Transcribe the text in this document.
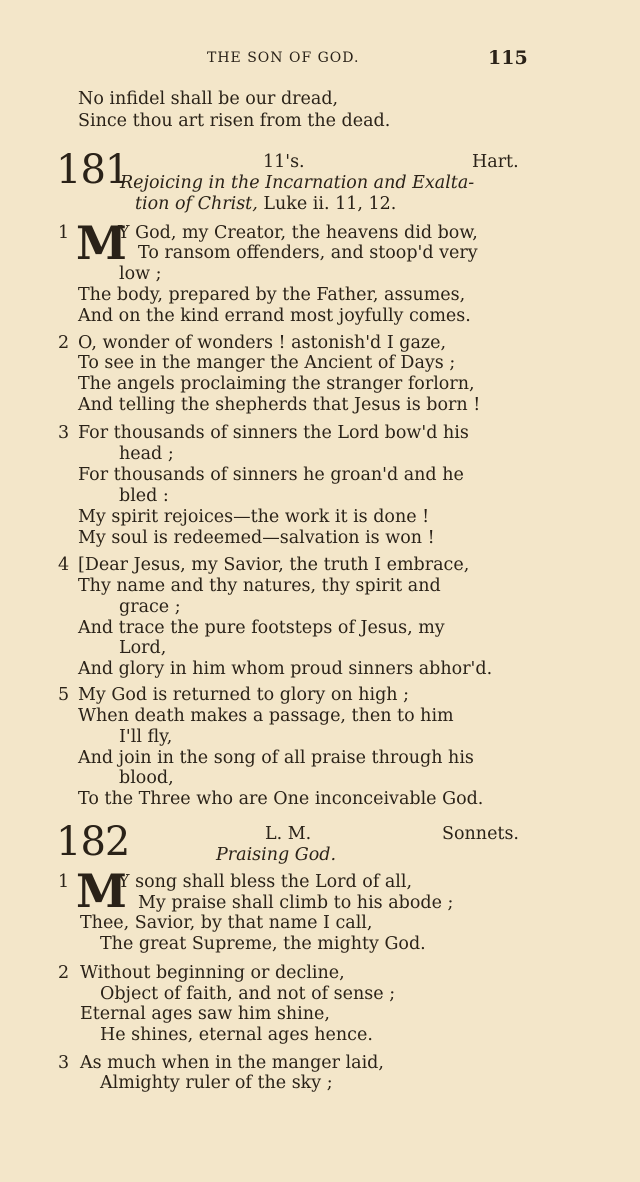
THE SON OF GOD.	115
No infidel shall be our dread,
Since thou art risen from the dead.
181	11's.	Hart.
Rejoicing in the Incarnation and Exalta-
tion of Christ, Luke ii. 11, 12.
1 M
Y God, my Creator, the heavens did bow,
To ransom offenders, and stoop'd very
low ;
The body, prepared by the Father, assumes,
And on the kind errand most joyfully comes.
2 O, wonder of wonders ! astonish'd I gaze,
To see in the manger the Ancient of Days ;
The angels proclaiming the stranger forlorn,
And telling the shepherds that Jesus is born !
3 For thousands of sinners the Lord bow'd his
head ;
For thousands of sinners he groan'd and he
bled :
My spirit rejoices—the work it is done !
My soul is redeemed—salvation is won !
4 [Dear Jesus, my Savior, the truth I embrace,
Thy name and thy natures, thy spirit and
grace ;
And trace the pure footsteps of Jesus, my
Lord,
And glory in him whom proud sinners abhor'd.
5 My God is returned to glory on high ;
When death makes a passage, then to him
I'll fly,
And join in the song of all praise through his
blood,
To the Three who are One inconceivable God.
182	L. M.	Sonnets.
Praising God.
1 M
Y song shall bless the Lord of all,
My praise shall climb to his abode ;
Thee, Savior, by that name I call,
The great Supreme, the mighty God.
2 Without beginning or decline,
Object of faith, and not of sense ;
Eternal ages saw him shine,
He shines, eternal ages hence.
3 As much when in the manger laid,
Almighty ruler of the sky ;
